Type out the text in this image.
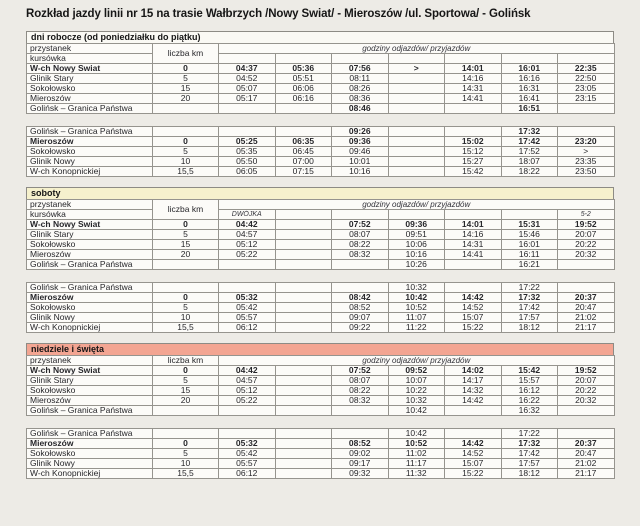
Rozkład jazdy linii nr 15 na trasie Wałbrzych /Nowy Swiat/ - Mieroszów /ul. Sportowa/ - Golińsk
dni robocze (od poniedziałku do piątku)
przystanek	liczba km	godziny odjazdów/ przyjazdów						
kursówka								
W-ch Nowy Swiat	0	04:37	05:36	07:56	>	14:01	16:01	22:35
Glinik Stary	5	04:52	05:51	08:11		14:16	16:16	22:50
Sokołowsko	15	05:07	06:06	08:26		14:31	16:31	23:05
Mieroszów	20	05:17	06:16	08:36		14:41	16:41	23:15
Golińsk – Granica Państwa				08:46			16:51	
Golińsk – Granica Państwa				09:26			17:32	
Mieroszów	0	05:25	06:35	09:36		15:02	17:42	23:20
Sokołowsko	5	05:35	06:45	09:46		15:12	17:52	>
Glinik Nowy	10	05:50	07:00	10:01		15:27	18:07	23:35
W-ch Konopnickiej	15,5	06:05	07:15	10:16		15:42	18:22	23:50
soboty
przystanek	liczba km	godziny odjazdów/ przyjazdów						
kursówka		DWÓJKA						5-2
W-ch Nowy Swiat	0	04:42		07:52	09:36	14:01	15:31	19:52
Glinik Stary	5	04:57		08:07	09:51	14:16	15:46	20:07
Sokołowsko	15	05:12		08:22	10:06	14:31	16:01	20:22
Mieroszów	20	05:22		08:32	10:16	14:41	16:11	20:32
Golińsk – Granica Państwa					10:26		16:21	
Golińsk – Granica Państwa					10:32		17:22	
Mieroszów	0	05:32		08:42	10:42	14:42	17:32	20:37
Sokołowsko	5	05:42		08:52	10:52	14:52	17:42	20:47
Glinik Nowy	10	05:57		09:07	11:07	15:07	17:57	21:02
W-ch Konopnickiej	15,5	06:12		09:22	11:22	15:22	18:12	21:17
niedziele i święta
przystanek	liczba km	godziny odjazdów/ przyjazdów						
W-ch Nowy Swiat	0	04:42		07:52	09:52	14:02	15:42	19:52
Glinik Stary	5	04:57		08:07	10:07	14:17	15:57	20:07
Sokołowsko	15	05:12		08:22	10:22	14:32	16:12	20:22
Mieroszów	20	05:22		08:32	10:32	14:42	16:22	20:32
Golińsk – Granica Państwa					10:42		16:32	
Golińsk – Granica Państwa					10:42		17:22	
Mieroszów	0	05:32		08:52	10:52	14:42	17:32	20:37
Sokołowsko	5	05:42		09:02	11:02	14:52	17:42	20:47
Glinik Nowy	10	05:57		09:17	11:17	15:07	17:57	21:02
W-ch Konopnickiej	15,5	06:12		09:32	11:32	15:22	18:12	21:17
